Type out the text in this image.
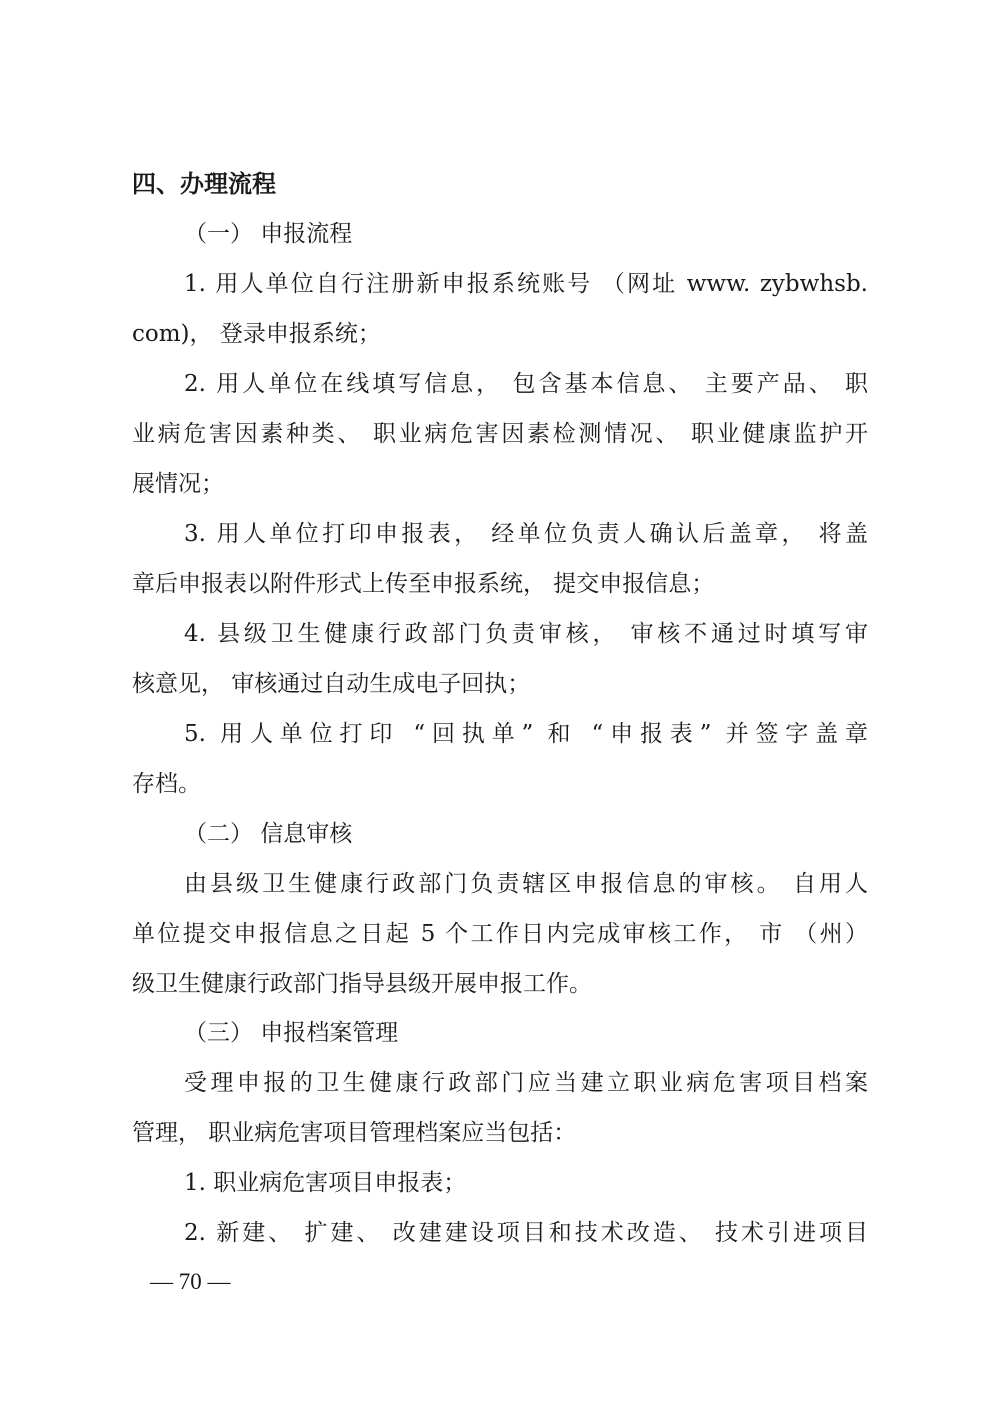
四、办理流程
（一） 申报流程
1. 用人单位自行注册新申报系统账号 （网址 www. zybwhsb.
com)， 登录申报系统；
2. 用人单位在线填写信息， 包含基本信息、 主要产品、 职
业病危害因素种类、 职业病危害因素检测情况、 职业健康监护开
展情况；
3. 用人单位打印申报表， 经单位负责人确认后盖章， 将盖
章后申报表以附件形式上传至申报系统， 提交申报信息；
4. 县级卫生健康行政部门负责审核， 审核不通过时填写审
核意见， 审核通过自动生成电子回执；
5. 用人单位打印 “回执单” 和 “申报表” 并签字盖章
存档。
（二） 信息审核
由县级卫生健康行政部门负责辖区申报信息的审核。 自用人
单位提交申报信息之日起 5 个工作日内完成审核工作， 市 （州）
级卫生健康行政部门指导县级开展申报工作。
（三） 申报档案管理
受理申报的卫生健康行政部门应当建立职业病危害项目档案
管理， 职业病危害项目管理档案应当包括：
1. 职业病危害项目申报表；
2. 新建、 扩建、 改建建设项目和技术改造、 技术引进项目
— 70 —
